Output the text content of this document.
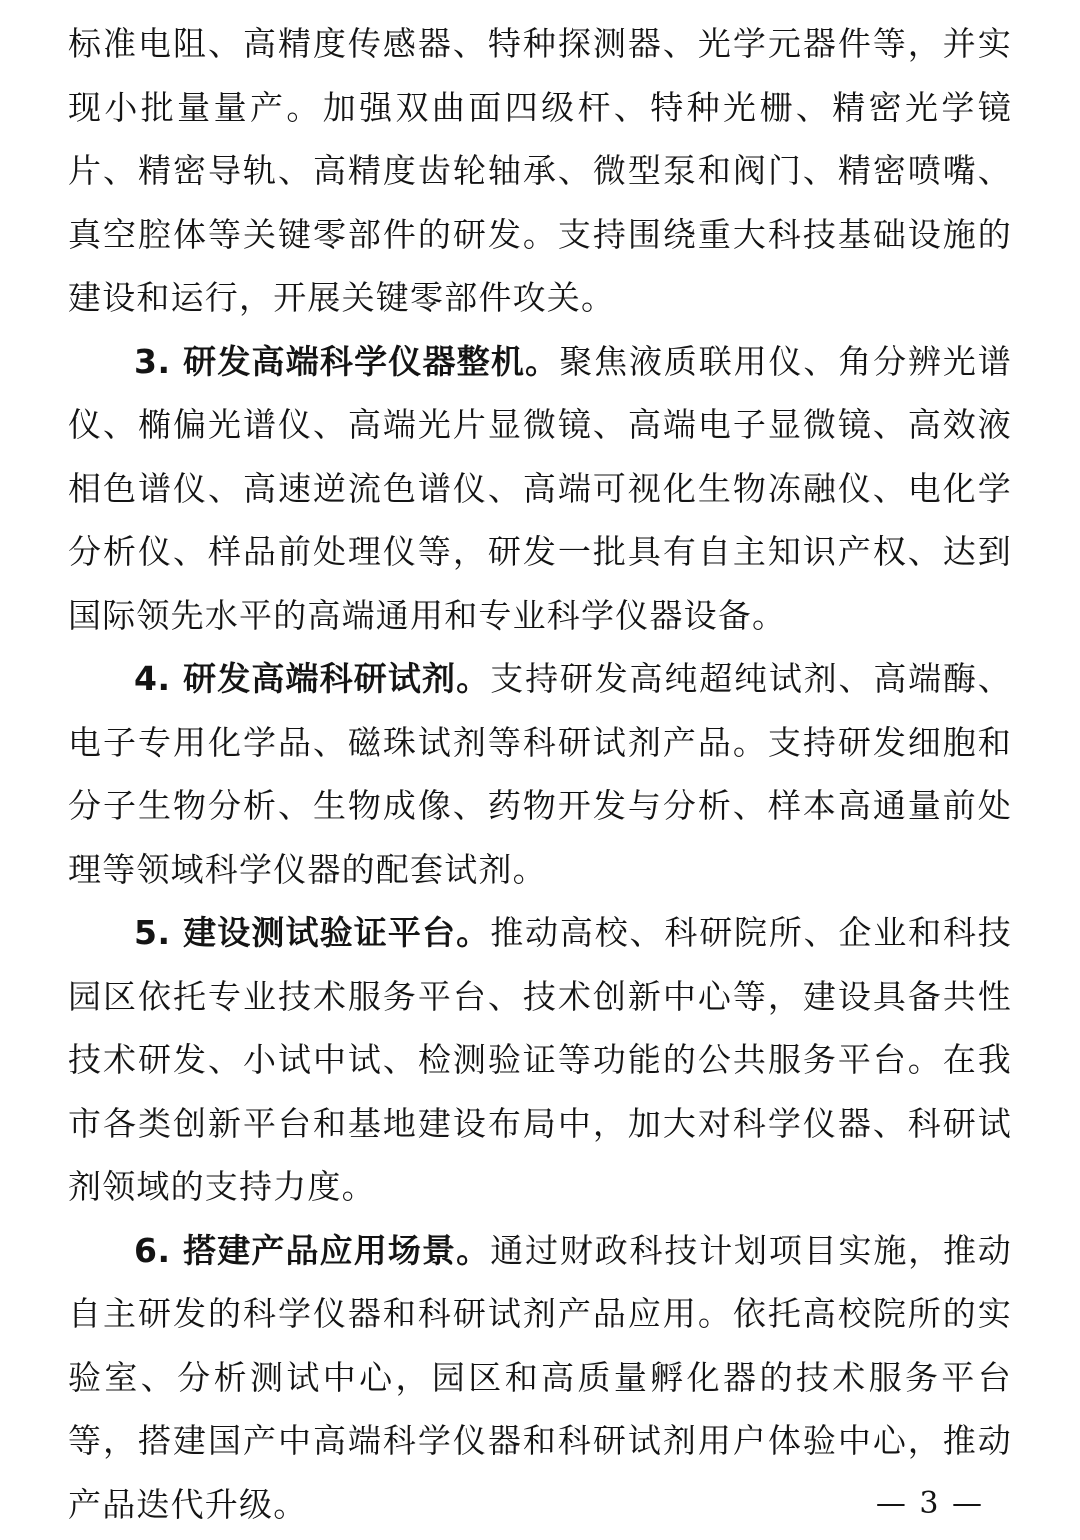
标准电阻、高精度传感器、特种探测器、光学元器件等，并实现小批量量产。加强双曲面四级杆、特种光栅、精密光学镜片、精密导轨、高精度齿轮轴承、微型泵和阀门、精密喷嘴、真空腔体等关键零部件的研发。支持围绕重大科技基础设施的建设和运行，开展关键零部件攻关。

3. 研发高端科学仪器整机。聚焦液质联用仪、角分辨光谱仪、椭偏光谱仪、高端光片显微镜、高端电子显微镜、高效液相色谱仪、高速逆流色谱仪、高端可视化生物冻融仪、电化学分析仪、样品前处理仪等，研发一批具有自主知识产权、达到国际领先水平的高端通用和专业科学仪器设备。

4. 研发高端科研试剂。支持研发高纯超纯试剂、高端酶、电子专用化学品、磁珠试剂等科研试剂产品。支持研发细胞和分子生物分析、生物成像、药物开发与分析、样本高通量前处理等领域科学仪器的配套试剂。

5. 建设测试验证平台。推动高校、科研院所、企业和科技园区依托专业技术服务平台、技术创新中心等，建设具备共性技术研发、小试中试、检测验证等功能的公共服务平台。在我市各类创新平台和基地建设布局中，加大对科学仪器、科研试剂领域的支持力度。

6. 搭建产品应用场景。通过财政科技计划项目实施，推动自主研发的科学仪器和科研试剂产品应用。依托高校院所的实验室、分析测试中心，园区和高质量孵化器的技术服务平台等，搭建国产中高端科学仪器和科研试剂用户体验中心，推动产品迭代升级。	— 3 —
